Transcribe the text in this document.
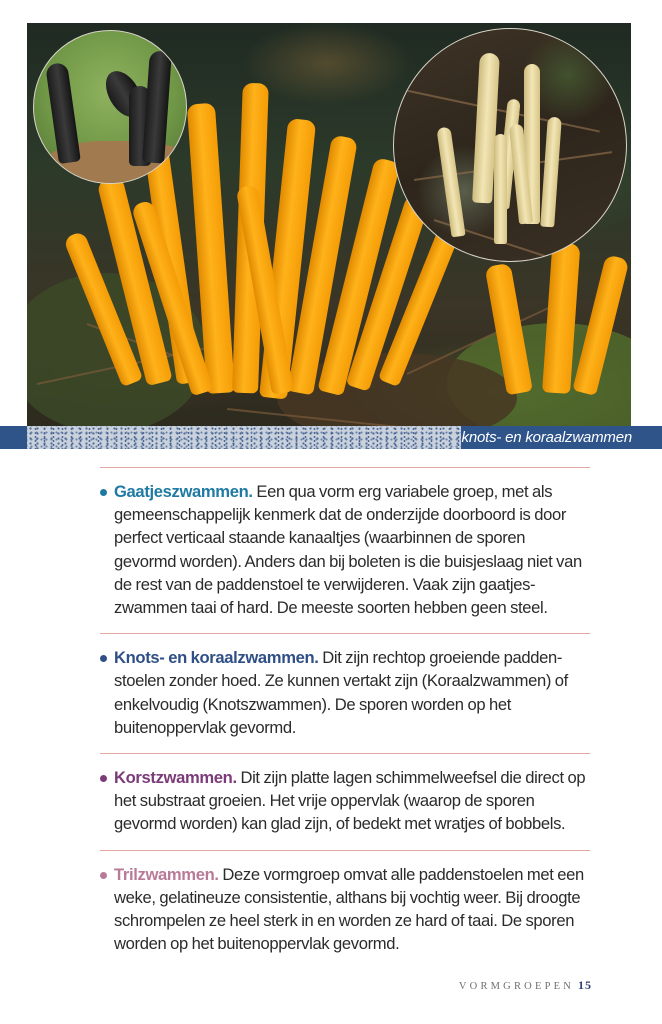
knots- en koraalzwammen

Gaatjeszwammen. Een qua vorm erg variabele groep, met als gemeenschappelijk kenmerk dat de onderzijde doorboord is door perfect verticaal staande kanaaltjes (waarbinnen de sporen gevormd worden). Anders dan bij boleten is die buisjeslaag niet van de rest van de paddenstoel te verwijderen. Vaak zijn gaatjes-zwammen taai of hard. De meeste soorten hebben geen steel.

Knots- en koraalzwammen. Dit zijn rechtop groeiende padden-stoelen zonder hoed. Ze kunnen vertakt zijn (Koraalzwammen) of enkelvoudig (Knotszwammen). De sporen worden op het buitenoppervlak gevormd.

Korstzwammen. Dit zijn platte lagen schimmelweefsel die direct op het substraat groeien. Het vrije oppervlak (waarop de sporen gevormd worden) kan glad zijn, of bedekt met wratjes of bobbels.

Trilzwammen. Deze vormgroep omvat alle paddenstoelen met een weke, gelatineuze consistentie, althans bij vochtig weer. Bij droogte schrompelen ze heel sterk in en worden ze hard of taai. De sporen worden op het buitenoppervlak gevormd.

VORMGROEPEN 15
